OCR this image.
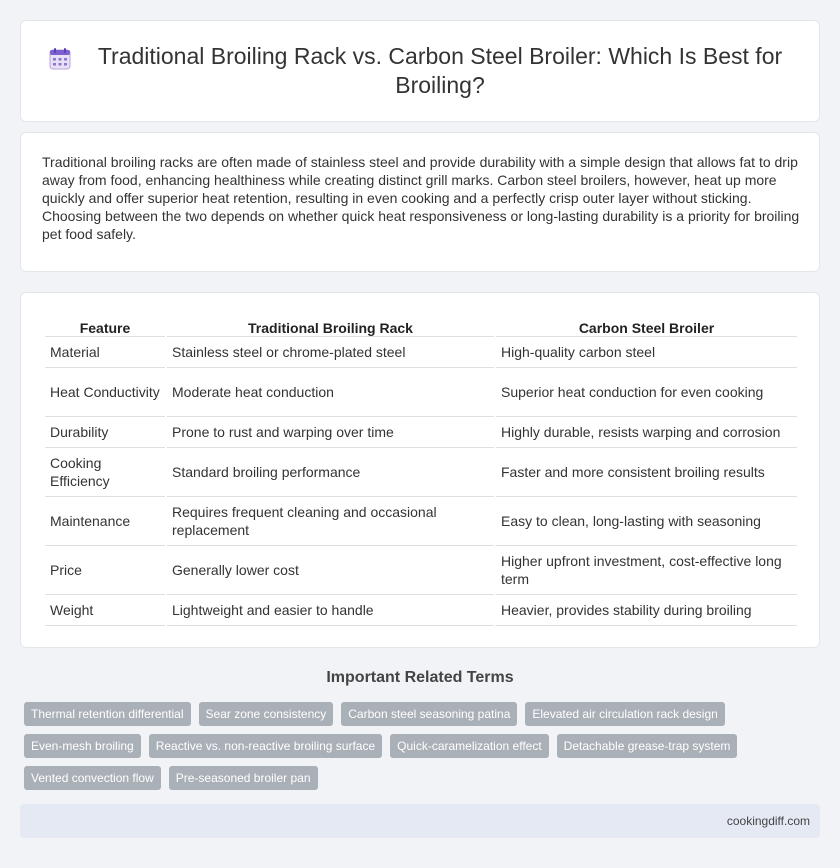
Traditional Broiling Rack vs. Carbon Steel Broiler: Which Is Best for Broiling?

Traditional broiling racks are often made of stainless steel and provide durability with a simple design that allows fat to drip away from food, enhancing healthiness while creating distinct grill marks. Carbon steel broilers, however, heat up more quickly and offer superior heat retention, resulting in even cooking and a perfectly crisp outer layer without sticking. Choosing between the two depends on whether quick heat responsiveness or long-lasting durability is a priority for broiling pet food safely.

Feature	Traditional Broiling Rack	Carbon Steel Broiler
Material	Stainless steel or chrome-plated steel	High-quality carbon steel
Heat Conductivity	Moderate heat conduction	Superior heat conduction for even cooking
Durability	Prone to rust and warping over time	Highly durable, resists warping and corrosion
Cooking Efficiency	Standard broiling performance	Faster and more consistent broiling results
Maintenance	Requires frequent cleaning and occasional replacement	Easy to clean, long-lasting with seasoning
Price	Generally lower cost	Higher upfront investment, cost-effective long term
Weight	Lightweight and easier to handle	Heavier, provides stability during broiling
Important Related Terms
Thermal retention differential	Sear zone consistency	Carbon steel seasoning patina	Elevated air circulation rack design
Even-mesh broiling	Reactive vs. non-reactive broiling surface	Quick-caramelization effect	Detachable grease-trap system
Vented convection flow	Pre-seasoned broiler pan
cookingdiff.com
